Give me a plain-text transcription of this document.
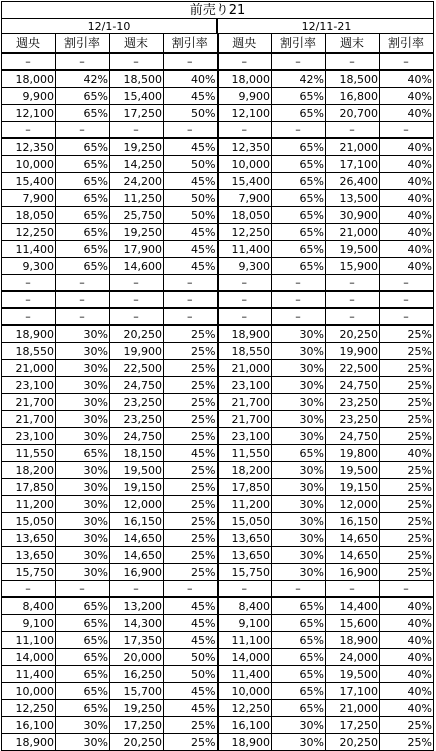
前売り21
12/1-10	12/11-21
週央	割引率	週末	割引率	週央	割引率	週末	割引率
–	–	–	–	–	–	–	–
18,000	42%	18,500	40%	18,000	42%	18,500	40%
9,900	65%	15,400	45%	9,900	65%	16,800	40%
12,100	65%	17,250	50%	12,100	65%	20,700	40%
–	–	–	–	–	–	–	–
12,350	65%	19,250	45%	12,350	65%	21,000	40%
10,000	65%	14,250	50%	10,000	65%	17,100	40%
15,400	65%	24,200	45%	15,400	65%	26,400	40%
7,900	65%	11,250	50%	7,900	65%	13,500	40%
18,050	65%	25,750	50%	18,050	65%	30,900	40%
12,250	65%	19,250	45%	12,250	65%	21,000	40%
11,400	65%	17,900	45%	11,400	65%	19,500	40%
9,300	65%	14,600	45%	9,300	65%	15,900	40%
–	–	–	–	–	–	–	–
–	–	–	–	–	–	–	–
–	–	–	–	–	–	–	–
18,900	30%	20,250	25%	18,900	30%	20,250	25%
18,550	30%	19,900	25%	18,550	30%	19,900	25%
21,000	30%	22,500	25%	21,000	30%	22,500	25%
23,100	30%	24,750	25%	23,100	30%	24,750	25%
21,700	30%	23,250	25%	21,700	30%	23,250	25%
21,700	30%	23,250	25%	21,700	30%	23,250	25%
23,100	30%	24,750	25%	23,100	30%	24,750	25%
11,550	65%	18,150	45%	11,550	65%	19,800	40%
18,200	30%	19,500	25%	18,200	30%	19,500	25%
17,850	30%	19,150	25%	17,850	30%	19,150	25%
11,200	30%	12,000	25%	11,200	30%	12,000	25%
15,050	30%	16,150	25%	15,050	30%	16,150	25%
13,650	30%	14,650	25%	13,650	30%	14,650	25%
13,650	30%	14,650	25%	13,650	30%	14,650	25%
15,750	30%	16,900	25%	15,750	30%	16,900	25%
–	–	–	–	–	–	–	–
8,400	65%	13,200	45%	8,400	65%	14,400	40%
9,100	65%	14,300	45%	9,100	65%	15,600	40%
11,100	65%	17,350	45%	11,100	65%	18,900	40%
14,000	65%	20,000	50%	14,000	65%	24,000	40%
11,400	65%	16,250	50%	11,400	65%	19,500	40%
10,000	65%	15,700	45%	10,000	65%	17,100	40%
12,250	65%	19,250	45%	12,250	65%	21,000	40%
16,100	30%	17,250	25%	16,100	30%	17,250	25%
18,900	30%	20,250	25%	18,900	30%	20,250	25%
